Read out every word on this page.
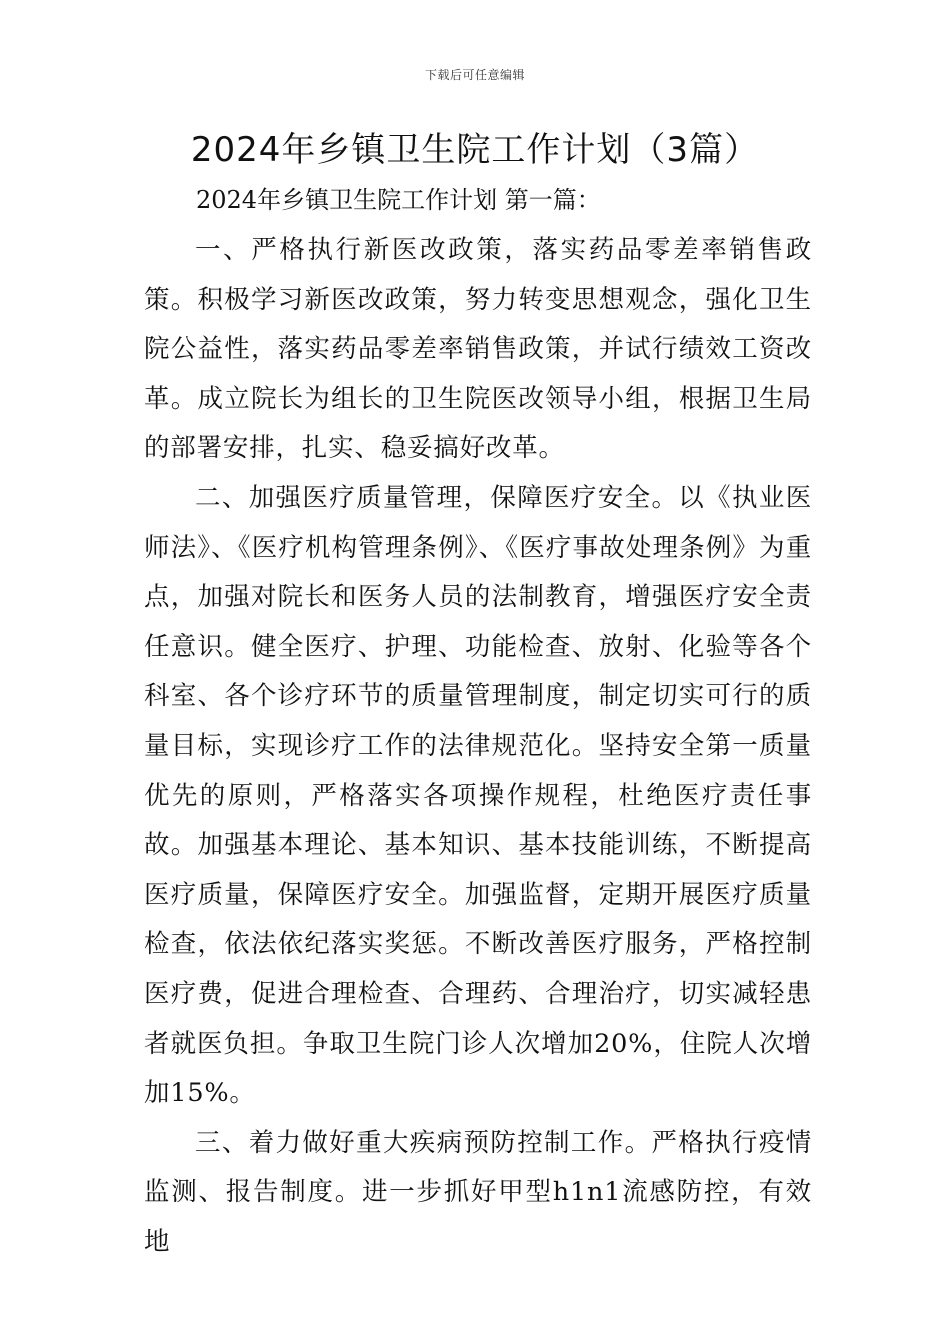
下载后可任意编辑
2024年乡镇卫生院工作计划（3篇）
2024年乡镇卫生院工作计划 第一篇：

一、严格执行新医改政策，落实药品零差率销售政策。积极学习新医改政策，努力转变思想观念，强化卫生院公益性，落实药品零差率销售政策，并试行绩效工资改革。成立院长为组长的卫生院医改领导小组，根据卫生局的部署安排，扎实、稳妥搞好改革。

二、加强医疗质量管理，保障医疗安全。以《执业医师法》、《医疗机构管理条例》、《医疗事故处理条例》为重点，加强对院长和医务人员的法制教育，增强医疗安全责任意识。健全医疗、护理、功能检查、放射、化验等各个科室、各个诊疗环节的质量管理制度，制定切实可行的质量目标，实现诊疗工作的法律规范化。坚持安全第一质量优先的原则，严格落实各项操作规程，杜绝医疗责任事故。加强基本理论、基本知识、基本技能训练，不断提高医疗质量，保障医疗安全。加强监督，定期开展医疗质量检查，依法依纪落实奖惩。不断改善医疗服务，严格控制医疗费，促进合理检查、合理药、合理治疗，切实减轻患者就医负担。争取卫生院门诊人次增加20%，住院人次增加15%。

三、着力做好重大疾病预防控制工作。严格执行疫情监测、报告制度。进一步抓好甲型h1n1流感防控，有效地
